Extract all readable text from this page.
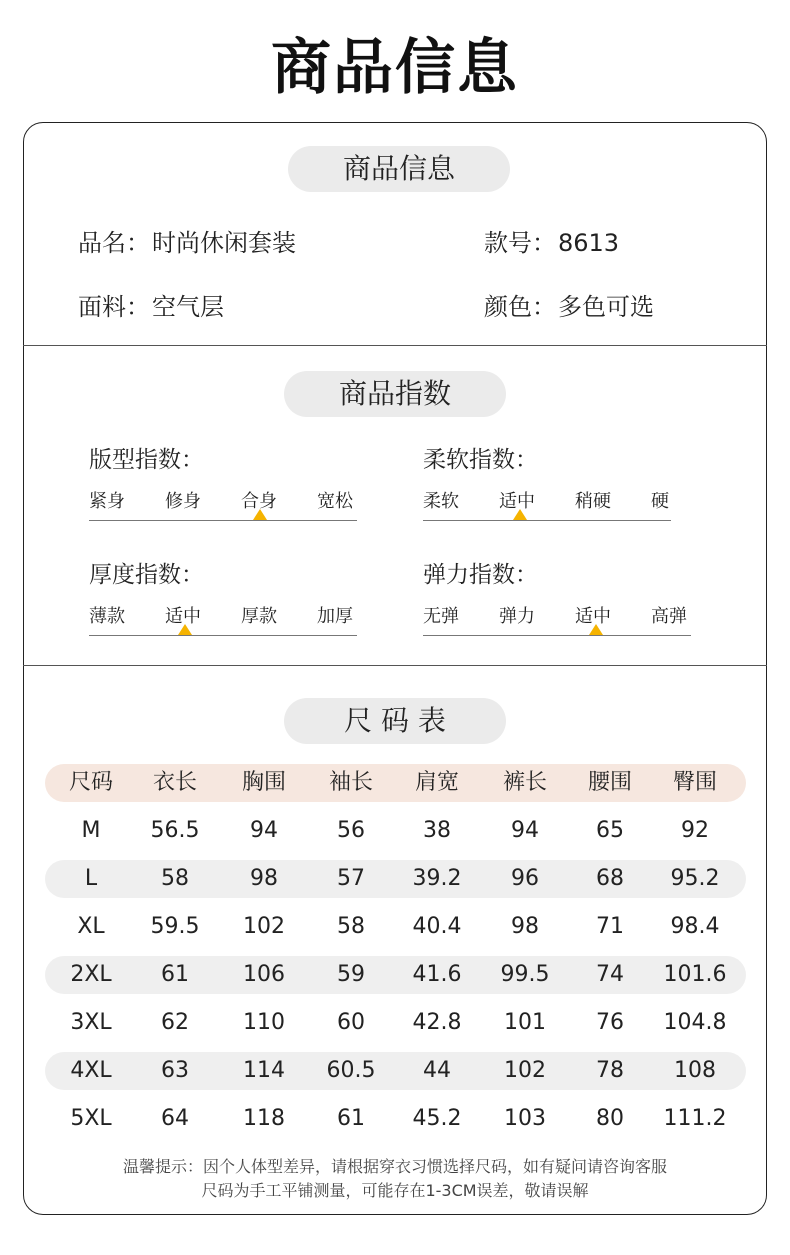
商品信息
商品信息
品名：时尚休闲套装	款号：8613
面料：空气层	颜色：多色可选
商品指数
版型指数：
紧身 修身 合身 宽松
柔软指数：
柔软 适中 稍硬 硬
厚度指数：
薄款 适中 厚款 加厚
弹力指数：
无弹 弹力 适中 高弹
尺 码 表
尺码	衣长	胸围	袖长	肩宽	裤长	腰围	臀围
M	56.5	94	56	38	94	65	92
L	58	98	57	39.2	96	68	95.2
XL	59.5	102	58	40.4	98	71	98.4
2XL	61	106	59	41.6	99.5	74	101.6
3XL	62	110	60	42.8	101	76	104.8
4XL	63	114	60.5	44	102	78	108
5XL	64	118	61	45.2	103	80	111.2
温馨提示：因个人体型差异，请根据穿衣习惯选择尺码，如有疑问请咨询客服
尺码为手工平铺测量，可能存在1-3CM误差，敬请误解
